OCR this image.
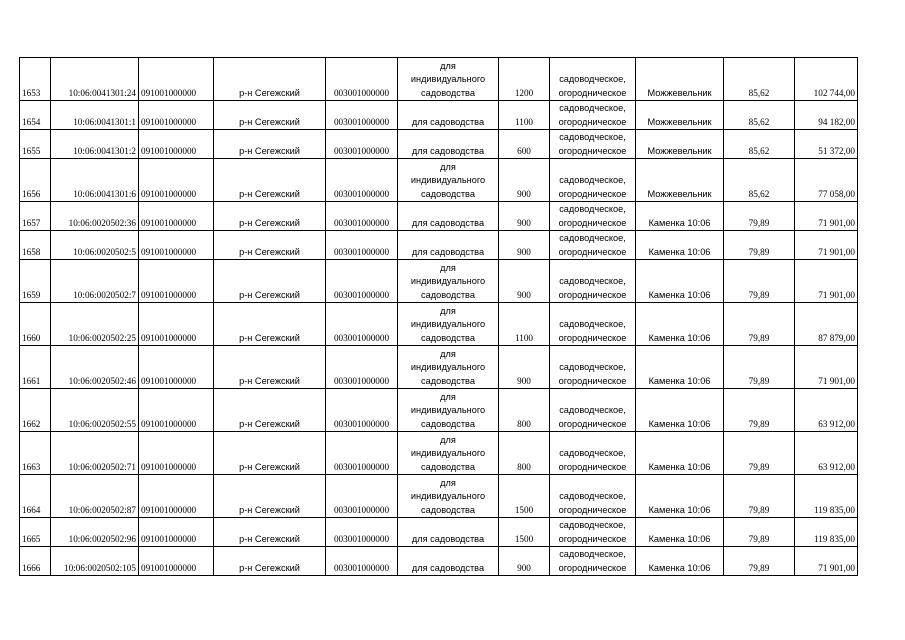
1653	10:06:0041301:24	091001000000	р-н Сегежский	003001000000	для
индивидуального
садоводства	1200	садоводческое,
огородническое	Можжевельник	85,62	102 744,00
1654	10:06:0041301:1	091001000000	р-н Сегежский	003001000000	для садоводства	1100	садоводческое,
огородническое	Можжевельник	85,62	94 182,00
1655	10:06:0041301:2	091001000000	р-н Сегежский	003001000000	для садоводства	600	садоводческое,
огородническое	Можжевельник	85,62	51 372,00
1656	10:06:0041301:6	091001000000	р-н Сегежский	003001000000	для
индивидуального
садоводства	900	садоводческое,
огородническое	Можжевельник	85,62	77 058,00
1657	10:06:0020502:36	091001000000	р-н Сегежский	003001000000	для садоводства	900	садоводческое,
огородническое	Каменка 10:06	79,89	71 901,00
1658	10:06:0020502:5	091001000000	р-н Сегежский	003001000000	для садоводства	900	садоводческое,
огородническое	Каменка 10:06	79,89	71 901,00
1659	10:06:0020502:7	091001000000	р-н Сегежский	003001000000	для
индивидуального
садоводства	900	садоводческое,
огородническое	Каменка 10:06	79,89	71 901,00
1660	10:06:0020502:25	091001000000	р-н Сегежский	003001000000	для
индивидуального
садоводства	1100	садоводческое,
огородническое	Каменка 10:06	79,89	87 879,00
1661	10:06:0020502:46	091001000000	р-н Сегежский	003001000000	для
индивидуального
садоводства	900	садоводческое,
огородническое	Каменка 10:06	79,89	71 901,00
1662	10:06:0020502:55	091001000000	р-н Сегежский	003001000000	для
индивидуального
садоводства	800	садоводческое,
огородническое	Каменка 10:06	79,89	63 912,00
1663	10:06:0020502:71	091001000000	р-н Сегежский	003001000000	для
индивидуального
садоводства	800	садоводческое,
огородническое	Каменка 10:06	79,89	63 912,00
1664	10:06:0020502:87	091001000000	р-н Сегежский	003001000000	для
индивидуального
садоводства	1500	садоводческое,
огородническое	Каменка 10:06	79,89	119 835,00
1665	10:06:0020502:96	091001000000	р-н Сегежский	003001000000	для садоводства	1500	садоводческое,
огородническое	Каменка 10:06	79,89	119 835,00
1666	10:06:0020502:105	091001000000	р-н Сегежский	003001000000	для садоводства	900	садоводческое,
огородническое	Каменка 10:06	79,89	71 901,00
